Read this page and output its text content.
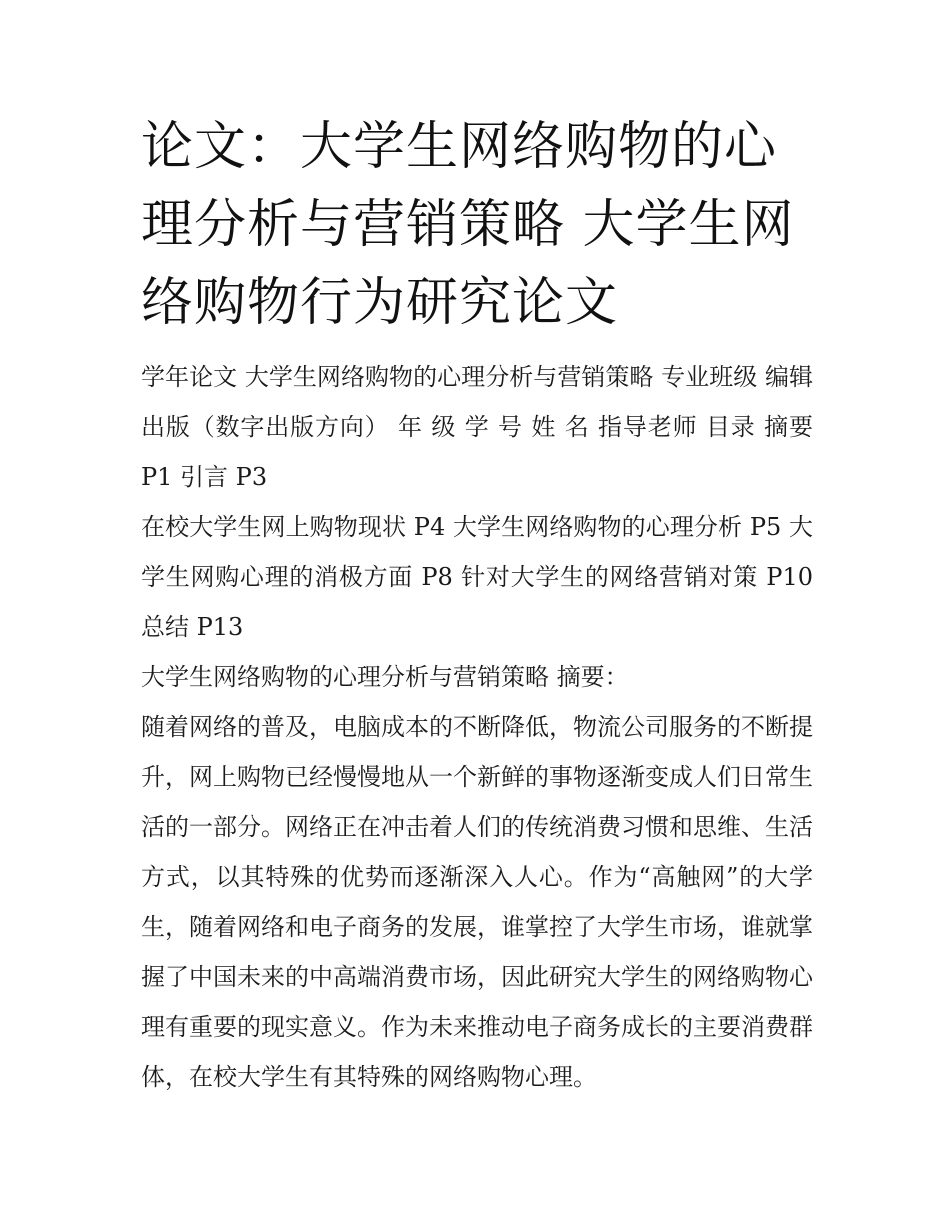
论文：大学生网络购物的心理分析与营销策略 大学生网络购物行为研究论文

学年论文 大学生网络购物的心理分析与营销策略 专业班级 编辑出版（数字出版方向） 年 级 学 号 姓 名 指导老师 目录 摘要 P1 引言 P3

在校大学生网上购物现状 P4 大学生网络购物的心理分析 P5 大学生网购心理的消极方面 P8 针对大学生的网络营销对策 P10 总结 P13

大学生网络购物的心理分析与营销策略 摘要：

随着网络的普及，电脑成本的不断降低，物流公司服务的不断提升，网上购物已经慢慢地从一个新鲜的事物逐渐变成人们日常生活的一部分。网络正在冲击着人们的传统消费习惯和思维、生活方式，以其特殊的优势而逐渐深入人心。作为“高触网”的大学生，随着网络和电子商务的发展，谁掌控了大学生市场，谁就掌握了中国未来的中高端消费市场，因此研究大学生的网络购物心理有重要的现实意义。作为未来推动电子商务成长的主要消费群体，在校大学生有其特殊的网络购物心理。
